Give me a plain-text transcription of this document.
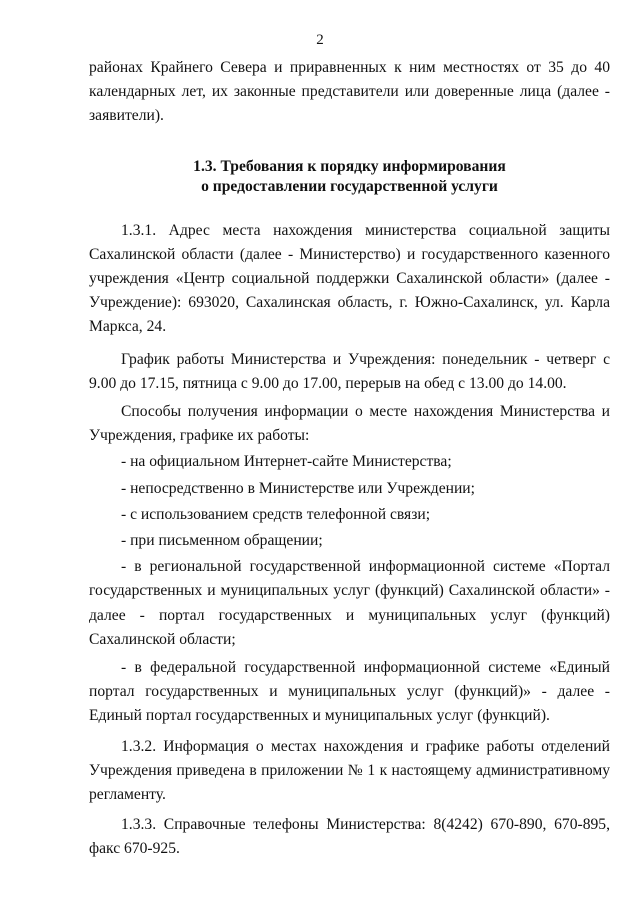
2

районах Крайнего Севера и приравненных к ним местностях от 35 до 40 календарных лет, их законные представители или доверенные лица (далее - заявители).

1.3. Требования к порядку информирования
о предоставлении государственной услуги

1.3.1. Адрес места нахождения министерства социальной защиты Сахалинской области (далее - Министерство) и государственного казенного учреждения «Центр социальной поддержки Сахалинской области» (далее - Учреждение): 693020, Сахалинская область, г. Южно-Сахалинск, ул. Карла Маркса, 24.

График работы Министерства и Учреждения: понедельник - четверг с 9.00 до 17.15, пятница с 9.00 до 17.00, перерыв на обед с 13.00 до 14.00.

Способы получения информации о месте нахождения Министерства и Учреждения, графике их работы:

- на официальном Интернет-сайте Министерства;

- непосредственно в Министерстве или Учреждении;

- с использованием средств телефонной связи;

- при письменном обращении;

- в региональной государственной информационной системе «Портал государственных и муниципальных услуг (функций) Сахалинской области» - далее - портал государственных и муниципальных услуг (функций) Сахалинской области;

- в федеральной государственной информационной системе «Единый портал государственных и муниципальных услуг (функций)» - далее - Единый портал государственных и муниципальных услуг (функций).

1.3.2. Информация о местах нахождения и графике работы отделений Учреждения приведена в приложении № 1 к настоящему административному регламенту.

1.3.3. Справочные телефоны Министерства: 8(4242) 670-890, 670-895, факс 670-925.
